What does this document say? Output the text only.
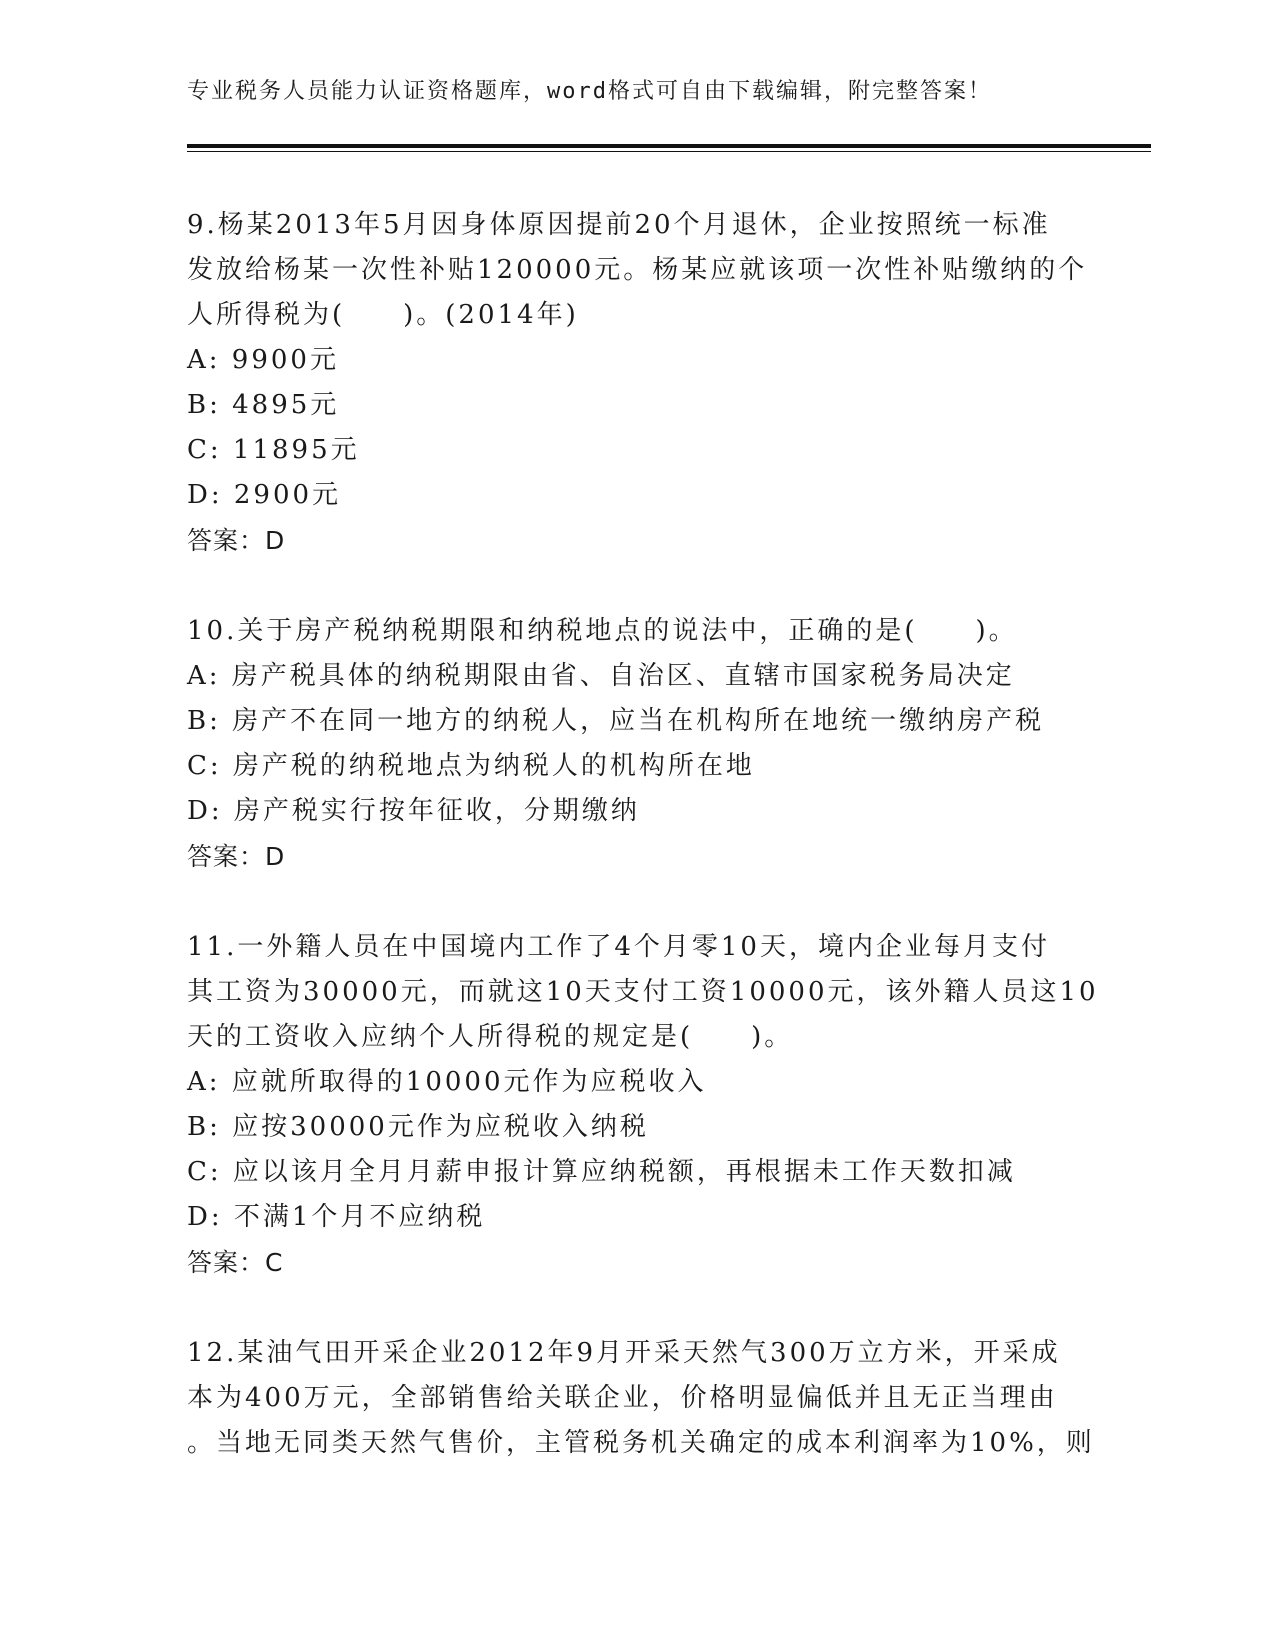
专业税务人员能力认证资格题库，word格式可自由下载编辑，附完整答案！
9.杨某2013年5月因身体原因提前20个月退休，企业按照统一标准
发放给杨某一次性补贴120000元。杨某应就该项一次性补贴缴纳的个
人所得税为(　　)。(2014年)
A: 9900元
B: 4895元
C: 11895元
D: 2900元
答案：D
10.关于房产税纳税期限和纳税地点的说法中，正确的是(　　)。
A: 房产税具体的纳税期限由省、自治区、直辖市国家税务局决定
B: 房产不在同一地方的纳税人，应当在机构所在地统一缴纳房产税
C: 房产税的纳税地点为纳税人的机构所在地
D: 房产税实行按年征收，分期缴纳
答案：D
11.一外籍人员在中国境内工作了4个月零10天，境内企业每月支付
其工资为30000元，而就这10天支付工资10000元，该外籍人员这10
天的工资收入应纳个人所得税的规定是(　　)。
A: 应就所取得的10000元作为应税收入
B: 应按30000元作为应税收入纳税
C: 应以该月全月月薪申报计算应纳税额，再根据未工作天数扣减
D: 不满1个月不应纳税
答案：C
12.某油气田开采企业2012年9月开采天然气300万立方米，开采成
本为400万元，全部销售给关联企业，价格明显偏低并且无正当理由
。当地无同类天然气售价，主管税务机关确定的成本利润率为10%，则
